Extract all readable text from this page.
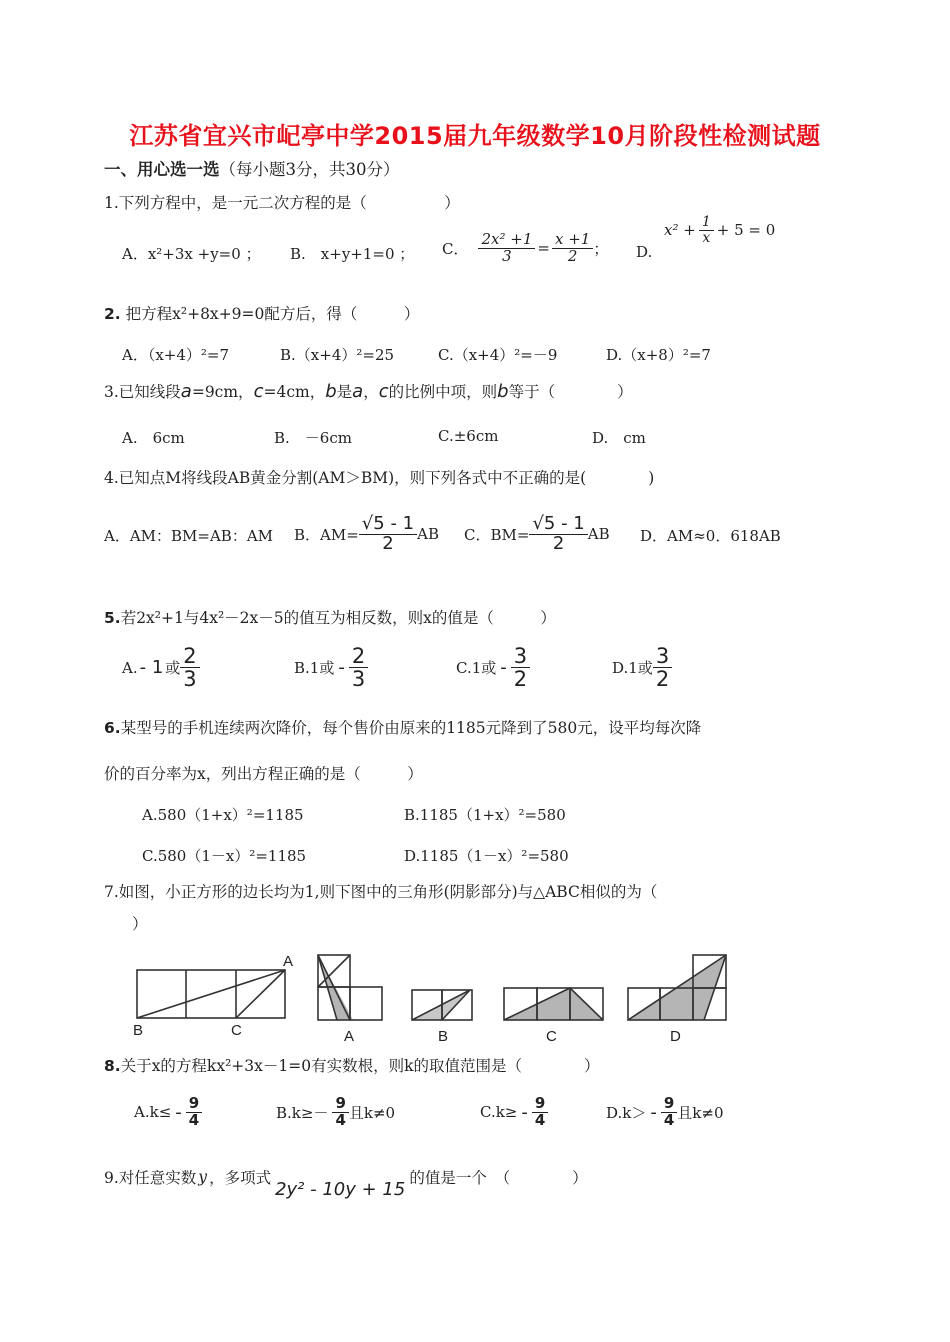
江苏省宜兴市屺亭中学2015届九年级数学10月阶段性检测试题
一、用心选一选（每小题3分，共30分）
1.下列方程中，是一元二次方程的是（　　　　　）
A．x²+3x +y=0 ； B.　x+y+1=0 ； C． $\frac{\text{2x² +1}}{3} = \frac{x +1}{2}$ ； D.
$x^2 + \frac{1}{x} + 5 = 0$
2. 把方程x²+8x+9=0配方后，得（　　　）
A．（x+4）²=7	B.（x+4）²=25	C.（x+4）²=－9	D.（x+8）²=7
3.已知线段 a =9cm， c =4cm， b 是 a ， c 的比例中项，则 b 等于（　　　　）
A.　6cm	B.　－6cm	C.±6cm	D.　cm
4.已知点M将线段AB黄金分割(AM＞BM)，则下列各式中不正确的是(　　　　)
A．AM：BM=AB：AM B．$AM= \frac{√5 - 1}{2}$ AB C．$BM= \frac{√5 - 1}{2}$ AB D．AM≈0．618AB
5.若2x²+1与4x²－2x－5的值互为相反数，则x的值是（　　　）
A. - 1 或 $\frac{2}{3}$	B.1或 - $\frac{2}{3}$	C.1或 - $\frac{3}{2}$	D.1或 $\frac{3}{2}$
6.某型号的手机连续两次降价，每个售价由原来的1185元降到了580元，设平均每次降
价的百分率为x，列出方程正确的是（　　　）
A.580（1+x）²=1185	B.1185（1+x）²=580
C.580（1－x）²=1185	D.1185（1－x）²=580
7.如图，小正方形的边长均为1,则下图中的三角形(阴影部分)与△ABC相似的为（
）
A
B	C	A	B	C	D
8.关于x的方程kx²+3x－1=0有实数根，则k的取值范围是（　　　　）
$A.k\le - \frac{9}{4}$	$B.k\ge- \frac{9}{4}$ 且k≠0	$C.k\ge - \frac{9}{4}$	$D.k> - \frac{9}{4}$ 且k≠0
9.对任意实数 y ，多项式
2y² - 10y + 15
的值是一个　（　　　　）
